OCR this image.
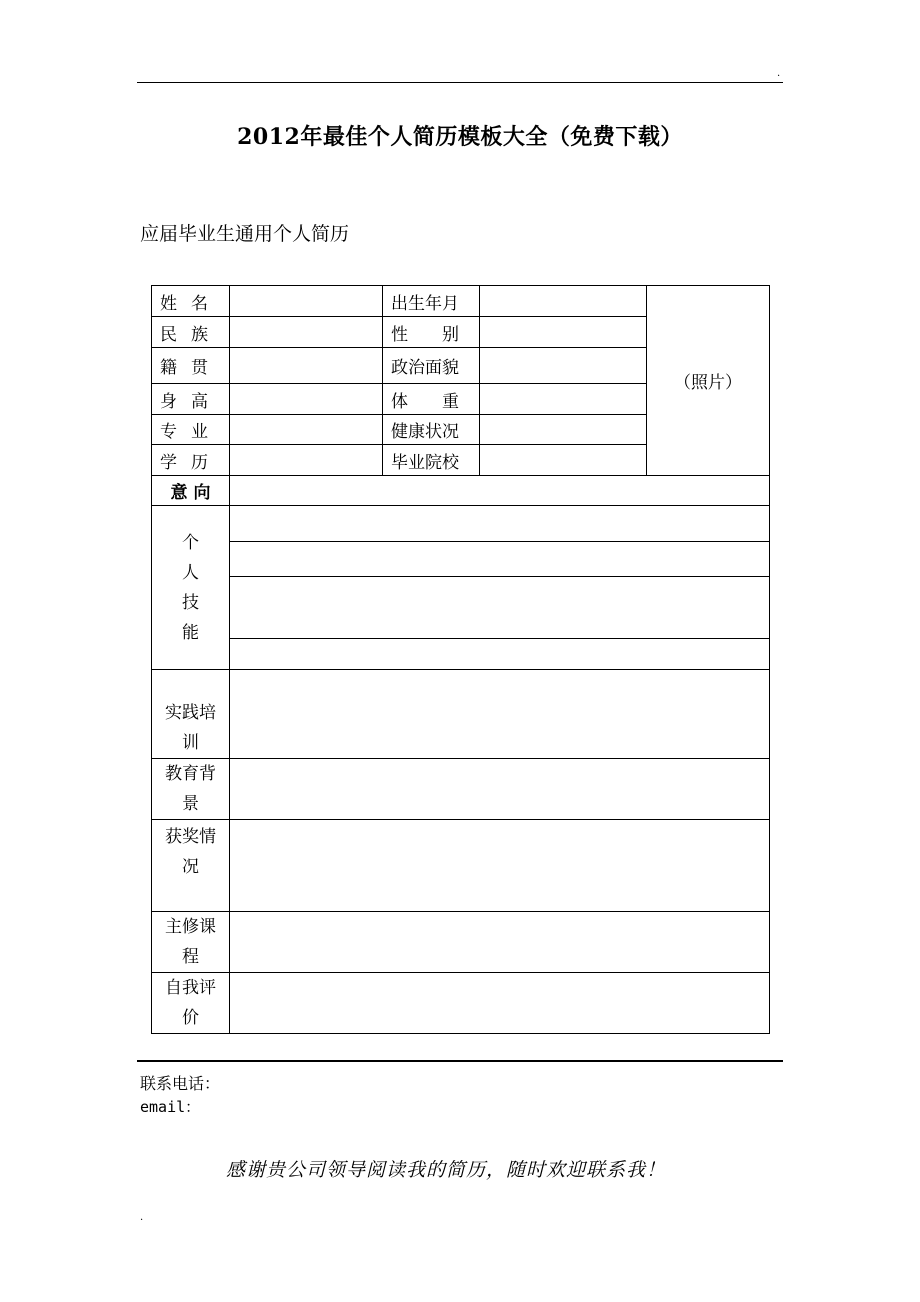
.
2012年最佳个人简历模板大全（免费下载）
应届毕业生通用个人简历
姓 名		出生年月		（照片）

民 族		性 别		

籍 贯		政治面貌		

身 高		体 重		

专 业		健康状况		

学 历		毕业院校		
意 向				

个
人
技
能				

实践培
训				

教育背
景				

获奖情
况				

主修课
程				

自我评
价				

联系电话：
email：
感谢贵公司领导阅读我的简历，随时欢迎联系我！
.
